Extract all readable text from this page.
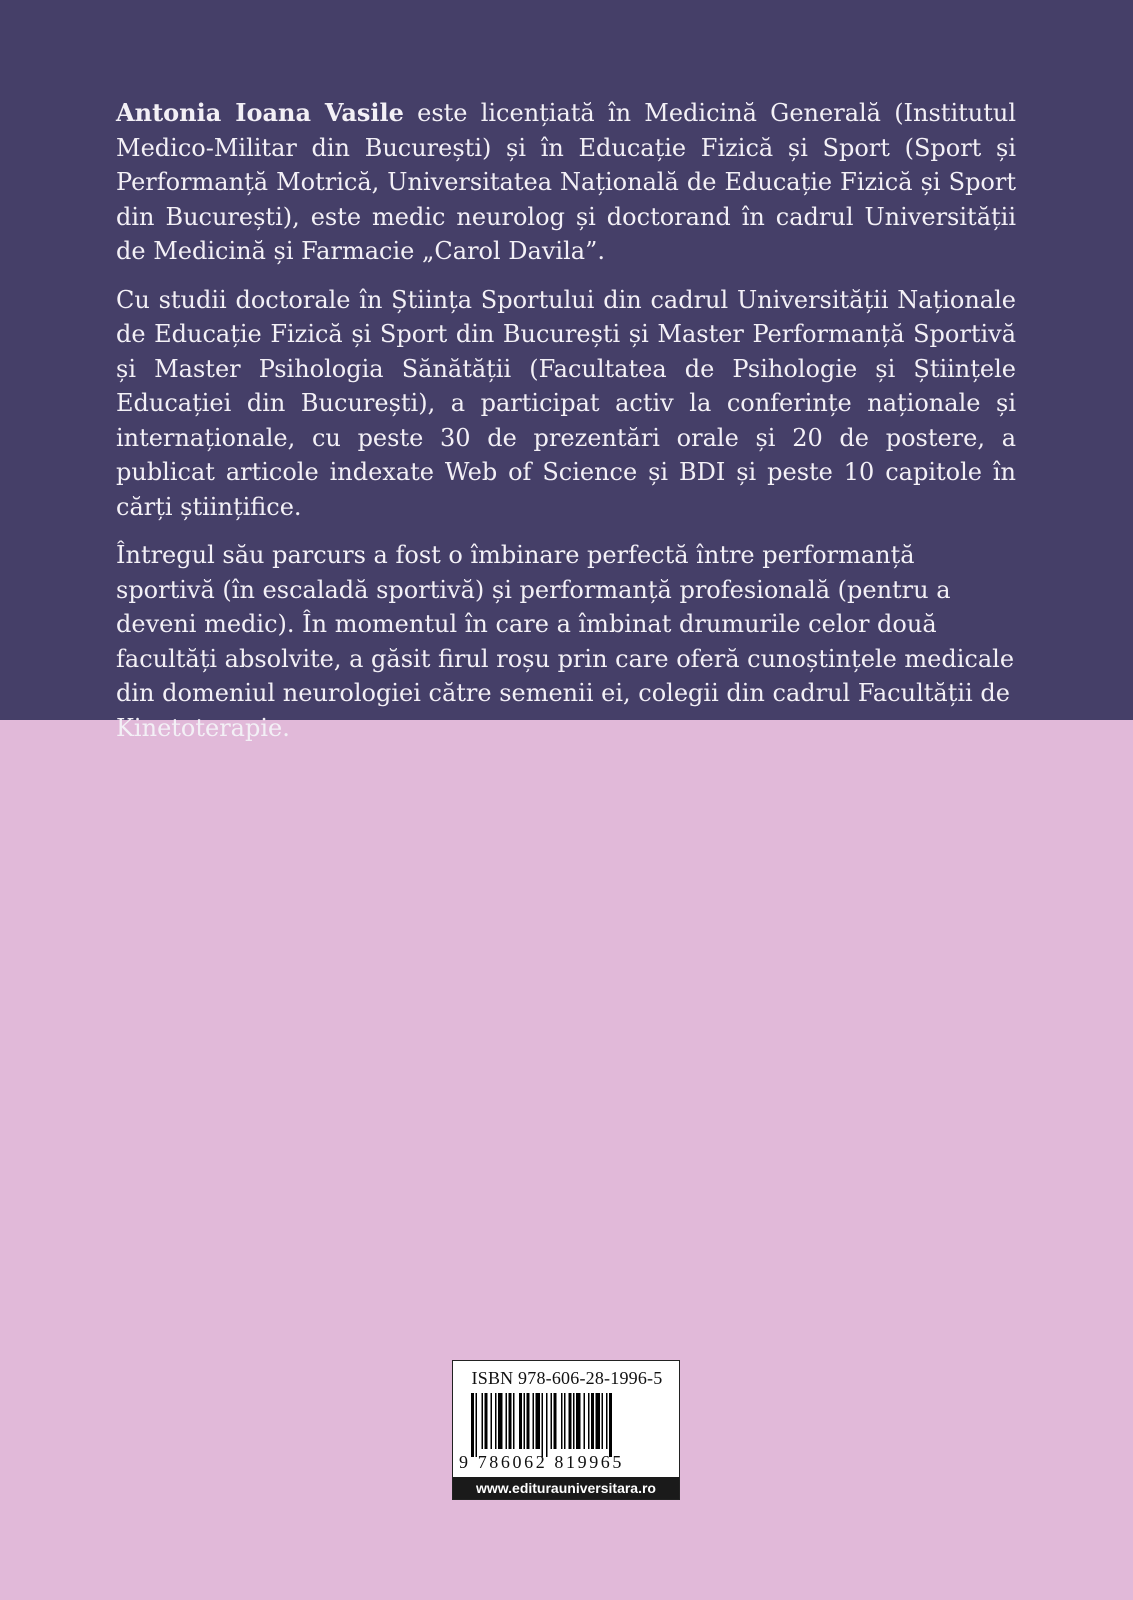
Antonia Ioana Vasile este licențiată în Medicină Generală (Institutul Medico-Militar din București) și în Educație Fizică și Sport (Sport și Performanță Motrică, Universitatea Națională de Educație Fizică și Sport din București), este medic neurolog și doctorand în cadrul Universității de Medicină și Farmacie „Carol Davila”.

Cu studii doctorale în Știința Sportului din cadrul Universității Naționale de Educație Fizică și Sport din București și Master Performanță Sportivă și Master Psihologia Sănătății (Facultatea de Psihologie și Științele Educației din București), a participat activ la conferințe naționale și internaționale, cu peste 30 de prezentări orale și 20 de postere, a publicat articole indexate Web of Science și BDI și peste 10 capitole în cărți științifice.

Întregul său parcurs a fost o îmbinare perfectă între performanță sportivă (în escaladă sportivă) și performanță profesională (pentru a deveni medic). În momentul în care a îmbinat drumurile celor două facultăți absolvite, a găsit firul roșu prin care oferă cunoștințele medicale din domeniul neurologiei către semenii ei, colegii din cadrul Facultății de Kinetoterapie.

ISBN 978-606-28-1996-5
9 786062 819965
www.editurauniversitara.ro
